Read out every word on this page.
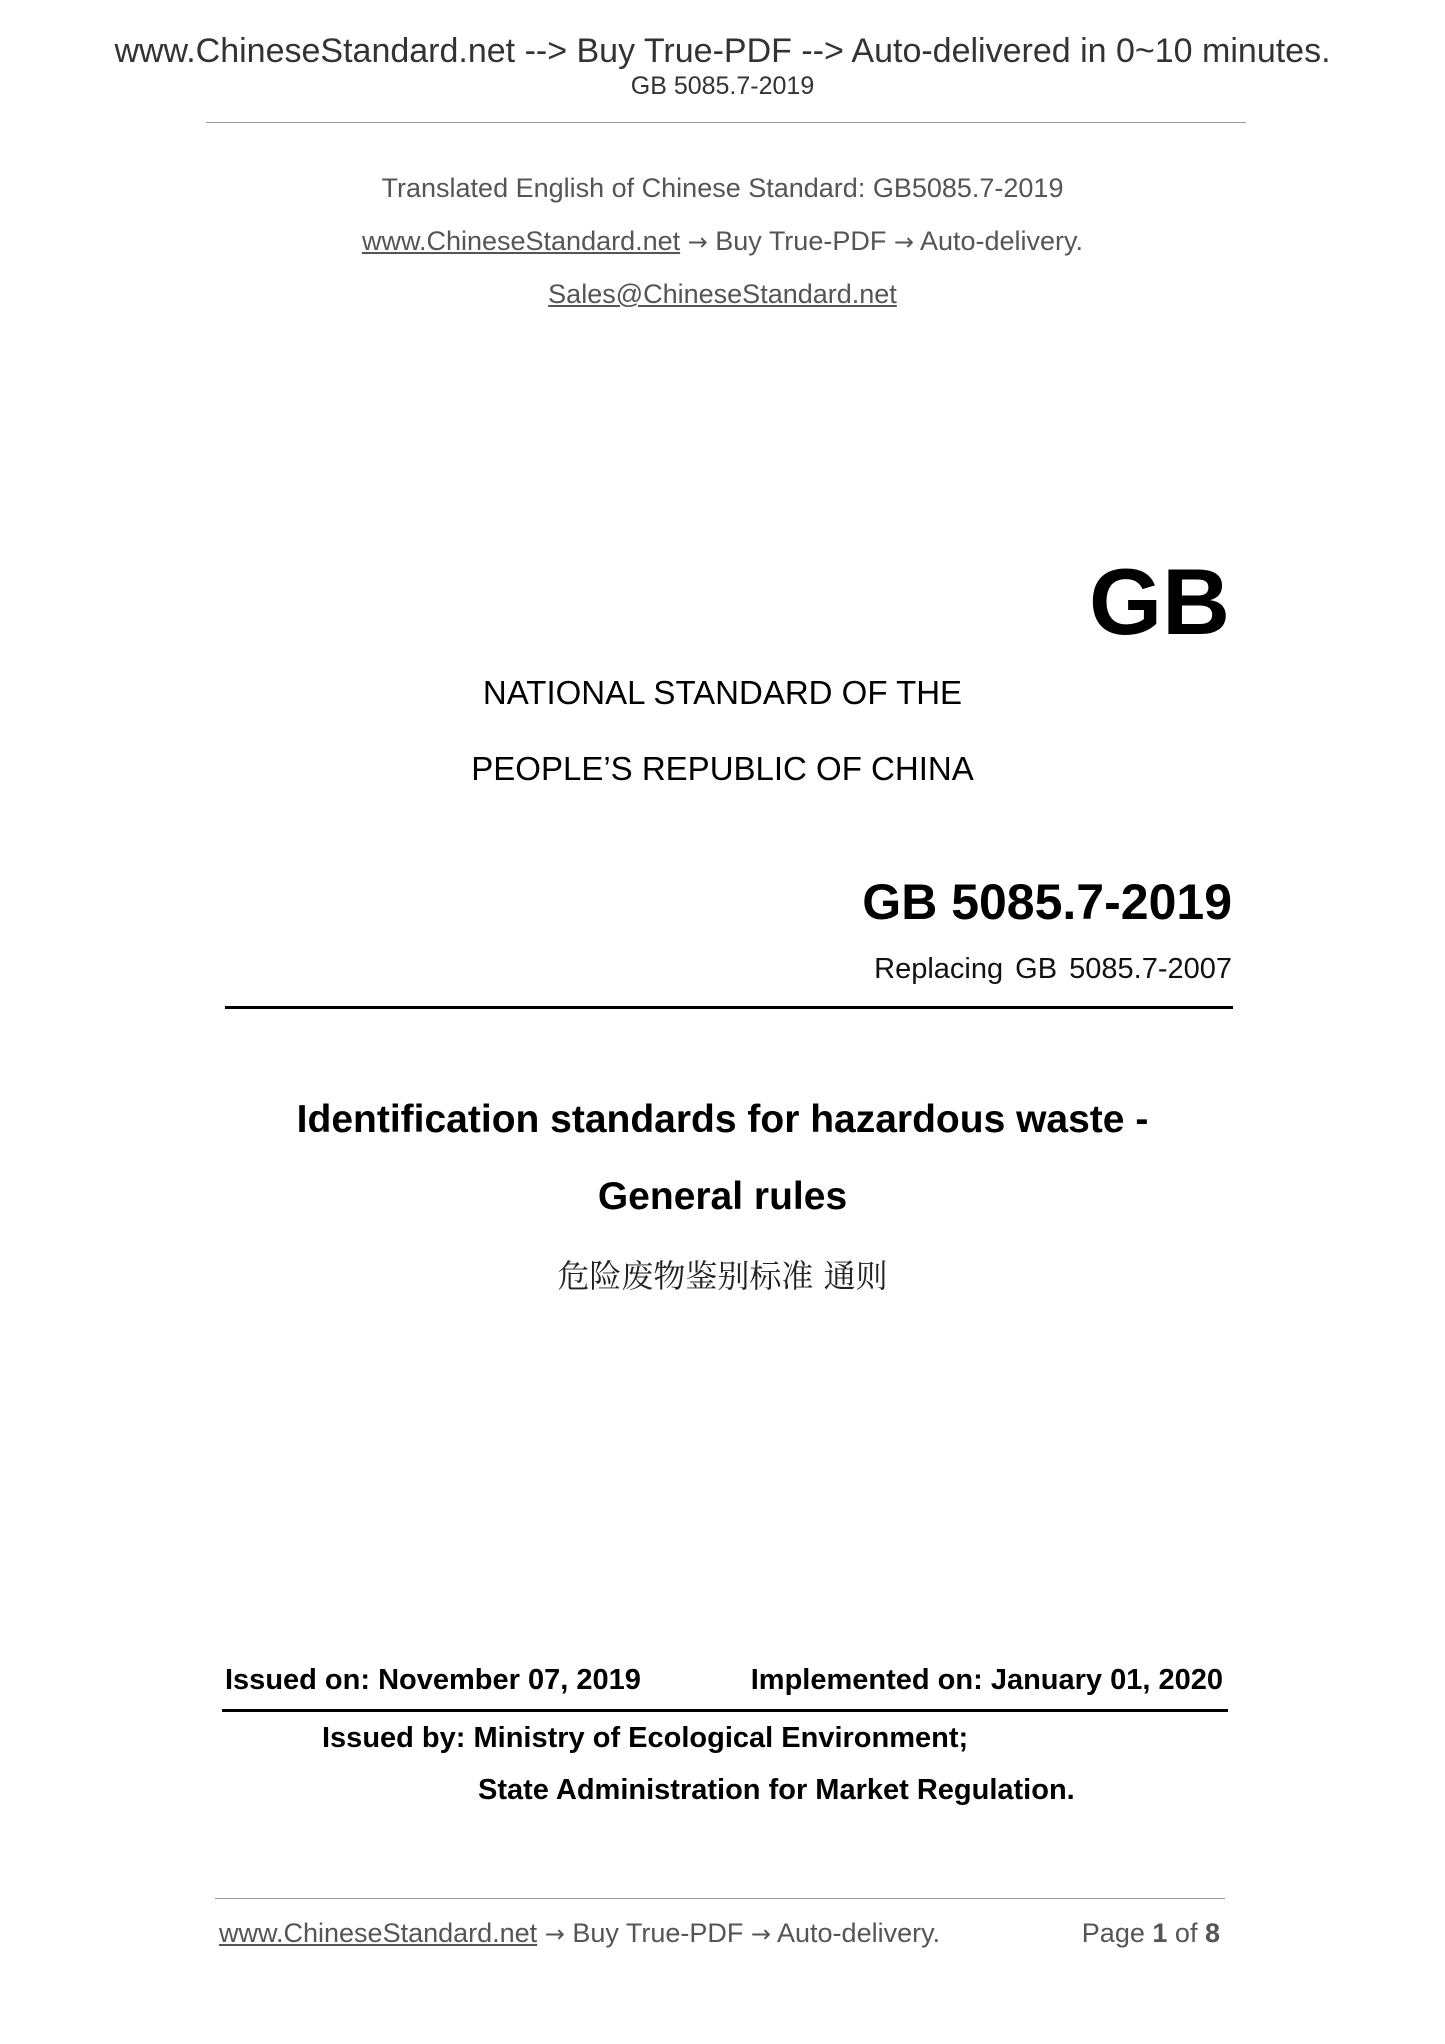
www.ChineseStandard.net --> Buy True-PDF --> Auto-delivered in 0~10 minutes.
GB 5085.7-2019
Translated English of Chinese Standard: GB5085.7-2019
www.ChineseStandard.net → Buy True-PDF → Auto-delivery.
Sales@ChineseStandard.net
GB
NATIONAL STANDARD OF THE
PEOPLE’S REPUBLIC OF CHINA
GB 5085.7-2019
Replacing GB 5085.7-2007
Identification standards for hazardous waste -
General rules
危险废物鉴别标准 通则
Issued on: November 07, 2019	Implemented on: January 01, 2020
Issued by: Ministry of Ecological Environment;
State Administration for Market Regulation.
www.ChineseStandard.net → Buy True-PDF → Auto-delivery.	Page 1 of 8
